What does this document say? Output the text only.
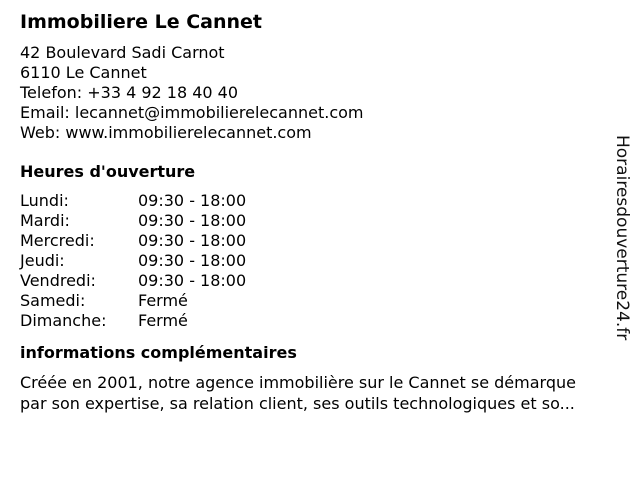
Immobiliere Le Cannet
42 Boulevard Sadi Carnot
6110 Le Cannet
Telefon: +33 4 92 18 40 40
Email: lecannet@immobilierelecannet.com
Web: www.immobilierelecannet.com
Heures d'ouverture
Lundi:	09:30 - 18:00
Mardi:	09:30 - 18:00
Mercredi:	09:30 - 18:00
Jeudi:	09:30 - 18:00
Vendredi:	09:30 - 18:00
Samedi:	Fermé
Dimanche:	Fermé
informations complémentaires
Créée en 2001, notre agence immobilière sur le Cannet se démarque
par son expertise, sa relation client, ses outils technologiques et so...
Horairesdouverture24.fr
